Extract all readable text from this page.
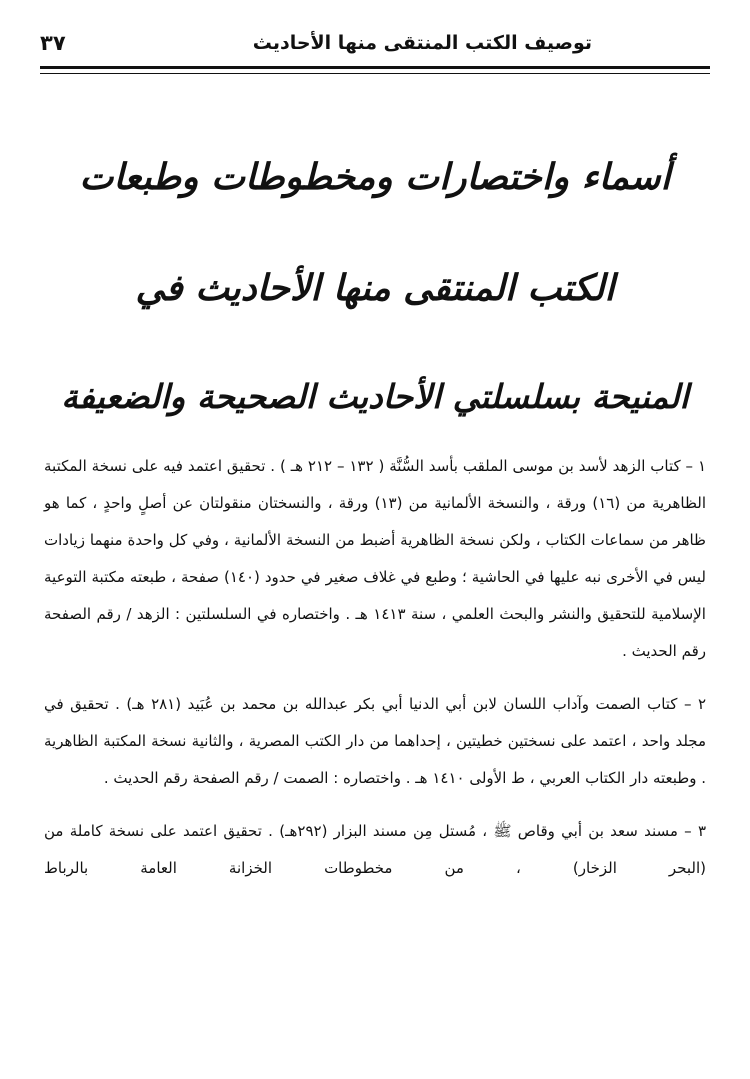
توصيف الكتب المنتقى منها الأحاديث
٣٧
أسماء واختصارات ومخطوطات وطبعات
الكتب المنتقى منها الأحاديث في
المنيحة بسلسلتي الأحاديث الصحيحة والضعيفة

١ – كتاب الزهد لأسد بن موسى الملقب بأسد السُّنَّة ( ١٣٢ – ٢١٢ هـ ) . تحقيق اعتمد فيه على نسخة المكتبة الظاهرية من (١٦) ورقة ، والنسخة الألمانية من (١٣) ورقة ، والنسختان منقولتان عن أصلٍ واحدٍ ، كما هو ظاهر من سماعات الكتاب ، ولكن نسخة الظاهرية أضبط من النسخة الألمانية ، وفي كل واحدة منهما زيادات ليس في الأخرى نبه عليها في الحاشية ؛ وطبع في غلاف صغير في حدود (١٤٠) صفحة ، طبعته مكتبة التوعية الإسلامية للتحقيق والنشر والبحث العلمي ، سنة ١٤١٣ هـ . واختصاره في السلسلتين : الزهد / رقم الصفحة رقم الحديث .

٢ – كتاب الصمت وآداب اللسان لابن أبي الدنيا أبي بكر عبدالله بن محمد بن عُبَيد (٢٨١ هـ) . تحقيق في مجلد واحد ، اعتمد على نسختين خطيتين ، إحداهما من دار الكتب المصرية ، والثانية نسخة المكتبة الظاهرية . وطبعته دار الكتاب العربي ، ط الأولى ١٤١٠ هـ . واختصاره : الصمت / رقم الصفحة رقم الحديث .

٣ – مسند سعد بن أبي وقاص ﷺ ، مُستل مِن مسند البزار (٢٩٢هـ) . تحقيق اعتمد على نسخة كاملة من (البحر الزخار) ، من مخطوطات الخزانة العامة بالرباط
